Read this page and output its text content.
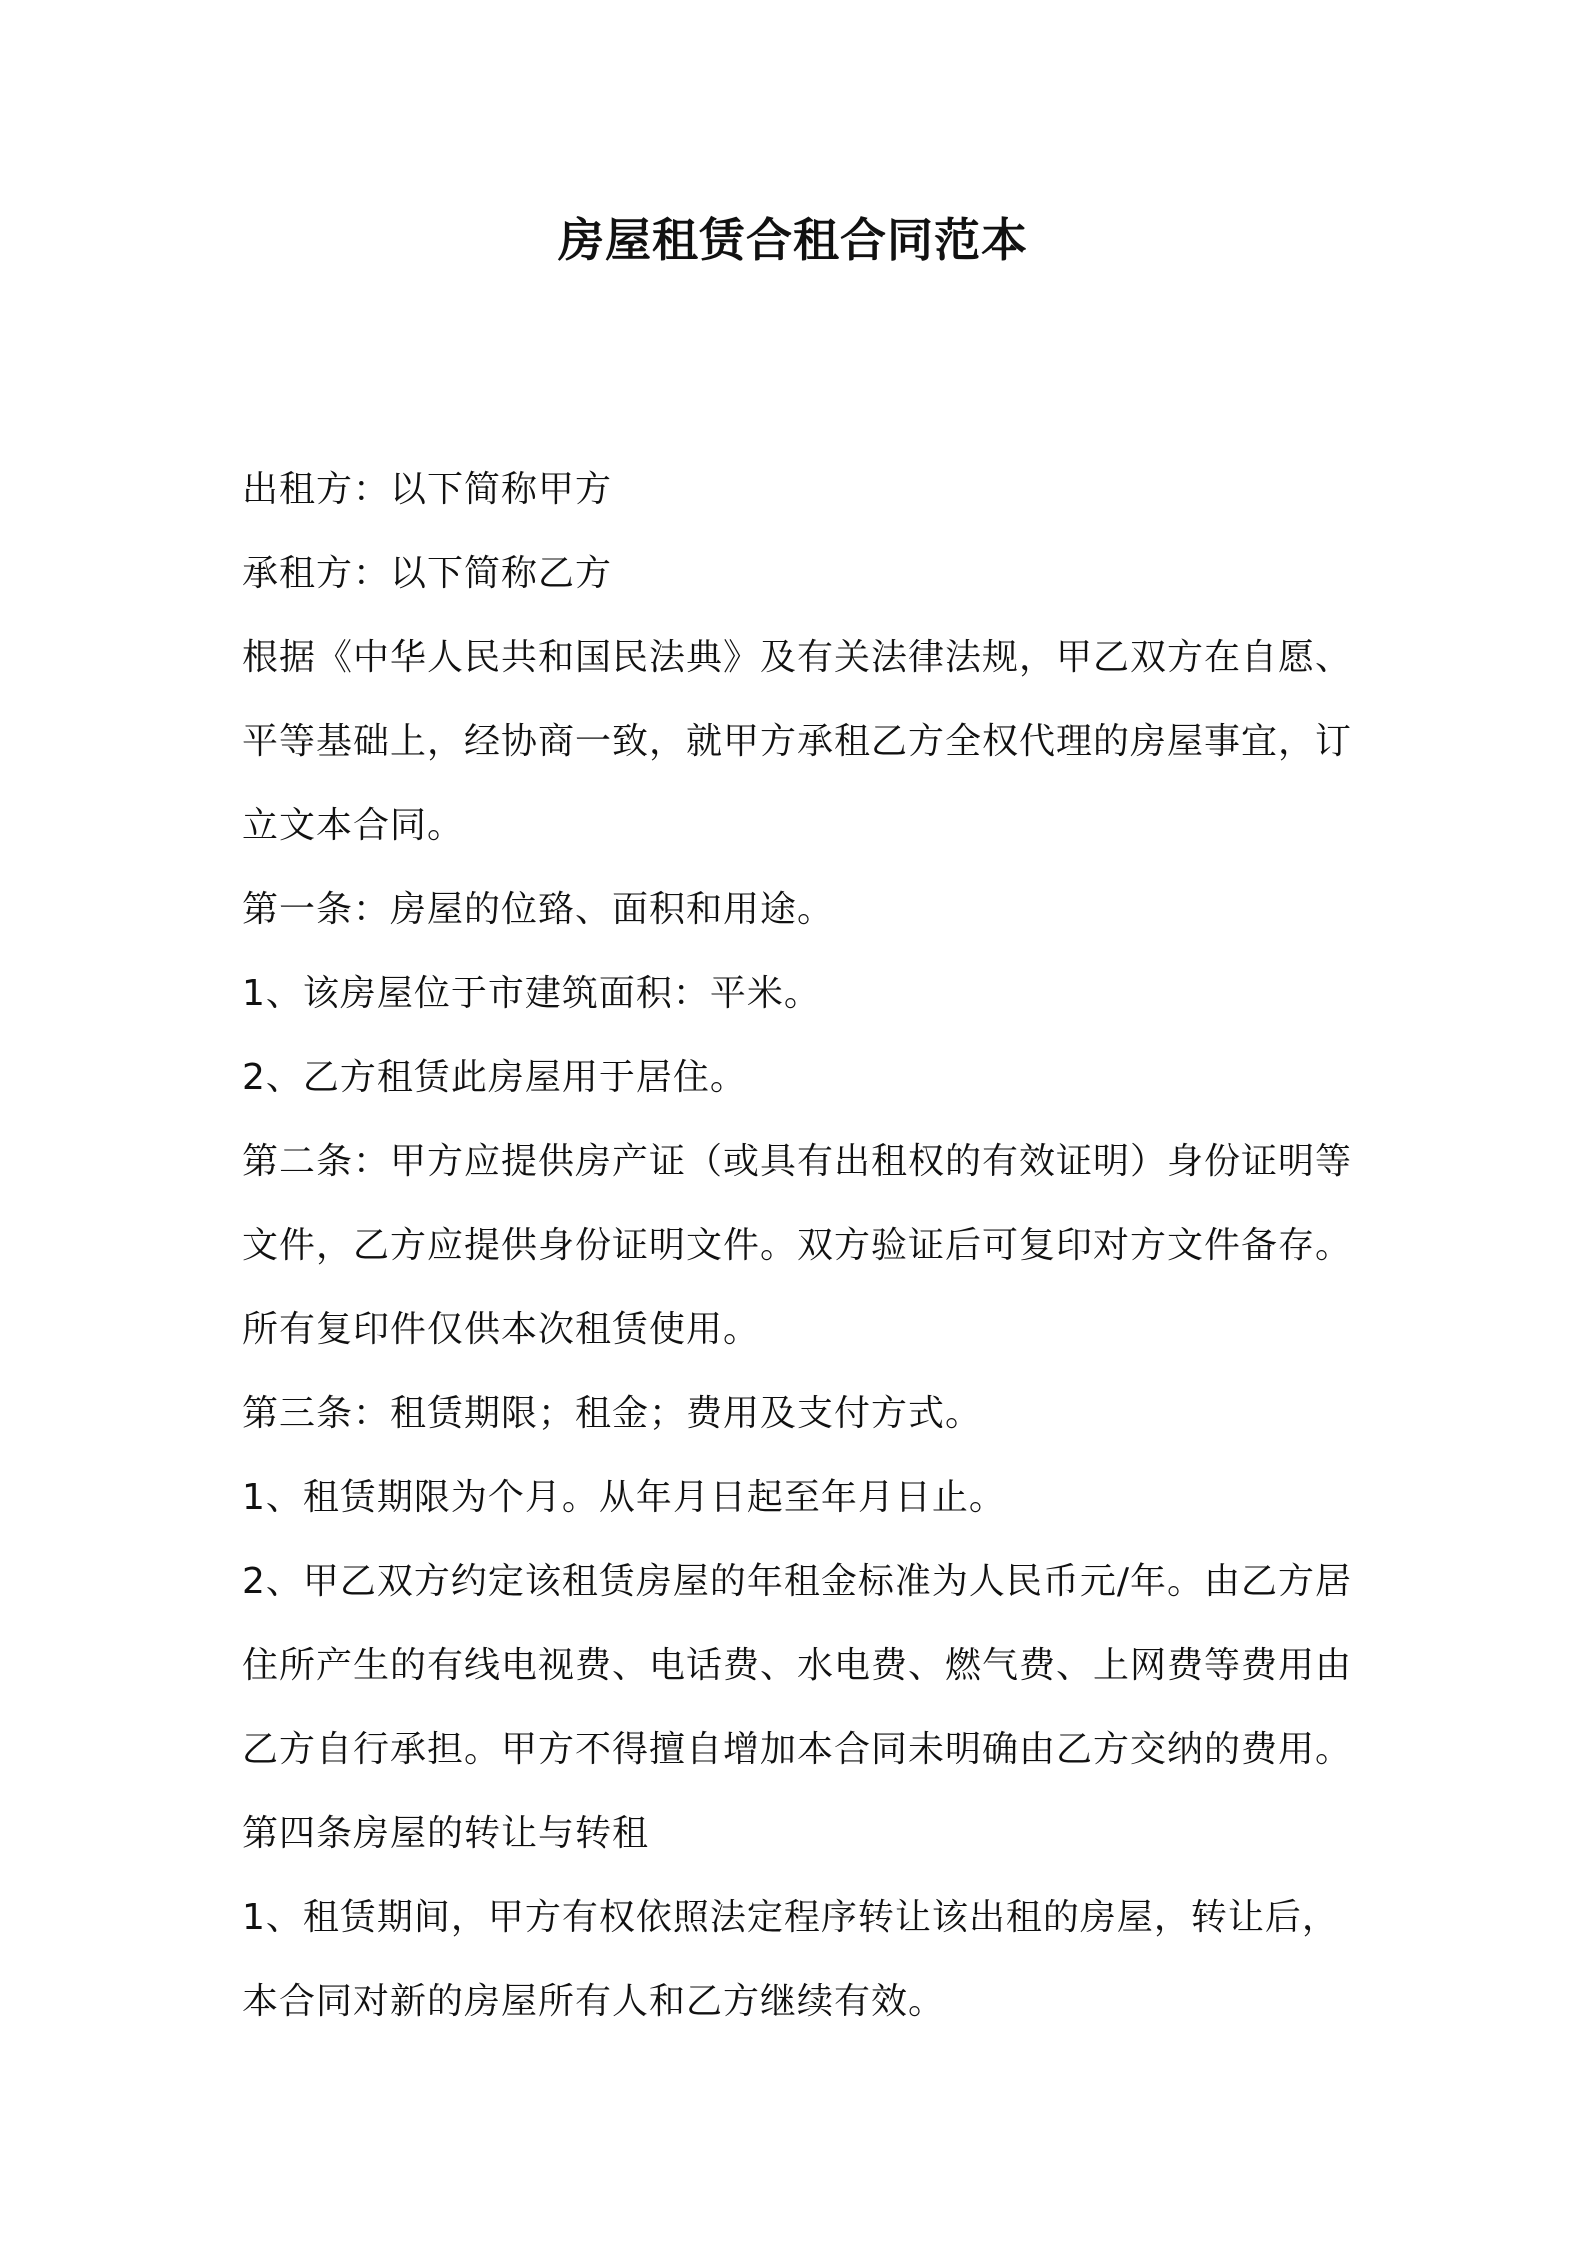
房屋租赁合租合同范本
出租方：以下简称甲方
承租方：以下简称乙方
根据《中华人民共和国民法典》及有关法律法规，甲乙双方在自愿、
平等基础上，经协商一致，就甲方承租乙方全权代理的房屋事宜，订
立文本合同。
第一条：房屋的位臵、面积和用途。
1、该房屋位于市建筑面积：平米。
2、乙方租赁此房屋用于居住。
第二条：甲方应提供房产证（或具有出租权的有效证明）身份证明等
文件，乙方应提供身份证明文件。双方验证后可复印对方文件备存。
所有复印件仅供本次租赁使用。
第三条：租赁期限；租金；费用及支付方式。
1、租赁期限为个月。从年月日起至年月日止。
2、甲乙双方约定该租赁房屋的年租金标准为人民币元/年。由乙方居
住所产生的有线电视费、电话费、水电费、燃气费、上网费等费用由
乙方自行承担。甲方不得擅自增加本合同未明确由乙方交纳的费用。
第四条房屋的转让与转租
1、租赁期间，甲方有权依照法定程序转让该出租的房屋，转让后，
本合同对新的房屋所有人和乙方继续有效。
